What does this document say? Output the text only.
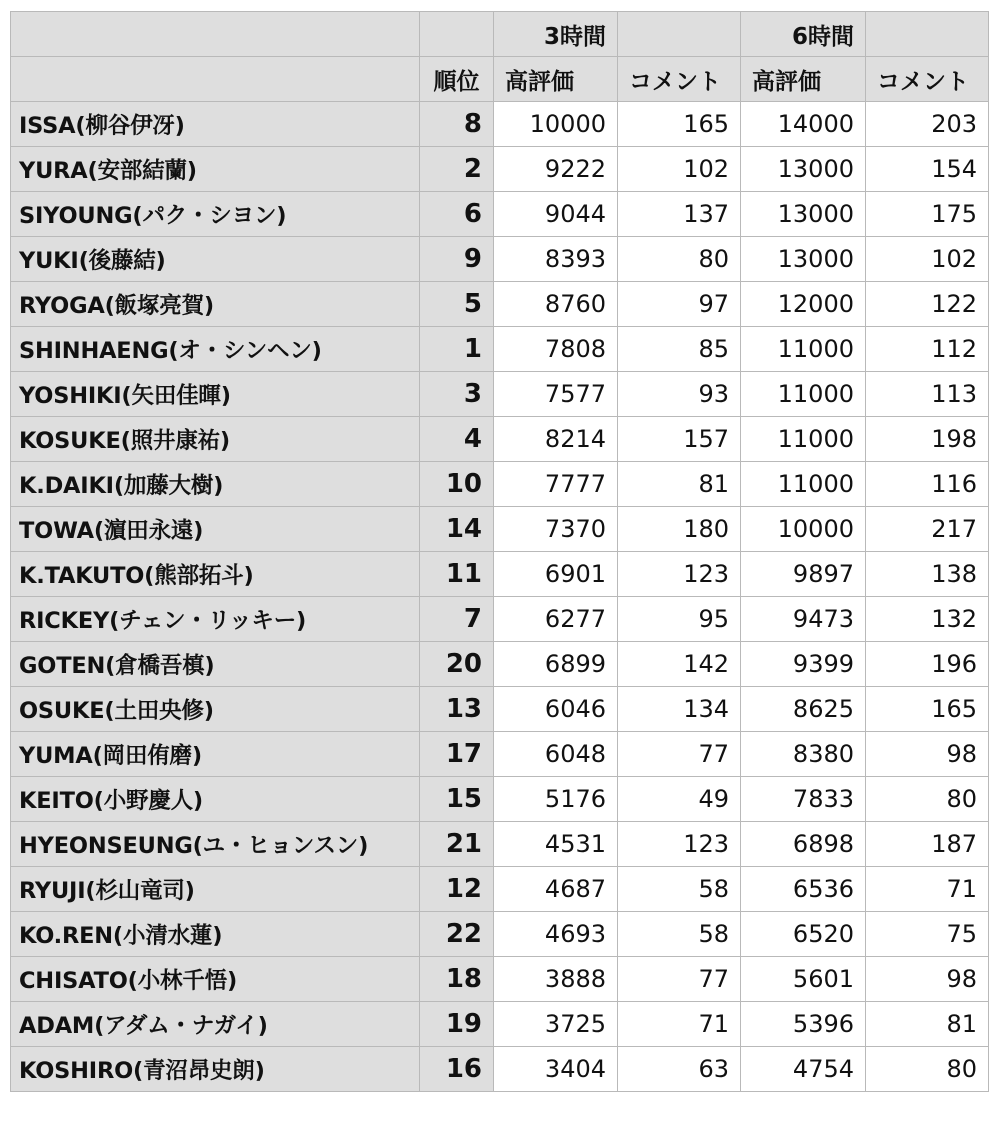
		3時間		6時間	
	順位	高評価	コメント	高評価	コメント
ISSA(柳谷伊冴)	8	10000	165	14000	203
YURA(安部結蘭)	2	9222	102	13000	154
SIYOUNG(パク・シヨン)	6	9044	137	13000	175
YUKI(後藤結)	9	8393	80	13000	102
RYOGA(飯塚亮賀)	5	8760	97	12000	122
SHINHAENG(オ・シンヘン)	1	7808	85	11000	112
YOSHIKI(矢田佳暉)	3	7577	93	11000	113
KOSUKE(照井康祐)	4	8214	157	11000	198
K.DAIKI(加藤大樹)	10	7777	81	11000	116
TOWA(濵田永遠)	14	7370	180	10000	217
K.TAKUTO(熊部拓斗)	11	6901	123	9897	138
RICKEY(チェン・リッキー)	7	6277	95	9473	132
GOTEN(倉橋吾槙)	20	6899	142	9399	196
OSUKE(土田央修)	13	6046	134	8625	165
YUMA(岡田侑磨)	17	6048	77	8380	98
KEITO(小野慶人)	15	5176	49	7833	80
HYEONSEUNG(ユ・ヒョンスン)	21	4531	123	6898	187
RYUJI(杉山竜司)	12	4687	58	6536	71
KO.REN(小清水蓮)	22	4693	58	6520	75
CHISATO(小林千悟)	18	3888	77	5601	98
ADAM(アダム・ナガイ)	19	3725	71	5396	81
KOSHIRO(青沼昂史朗)	16	3404	63	4754	80
